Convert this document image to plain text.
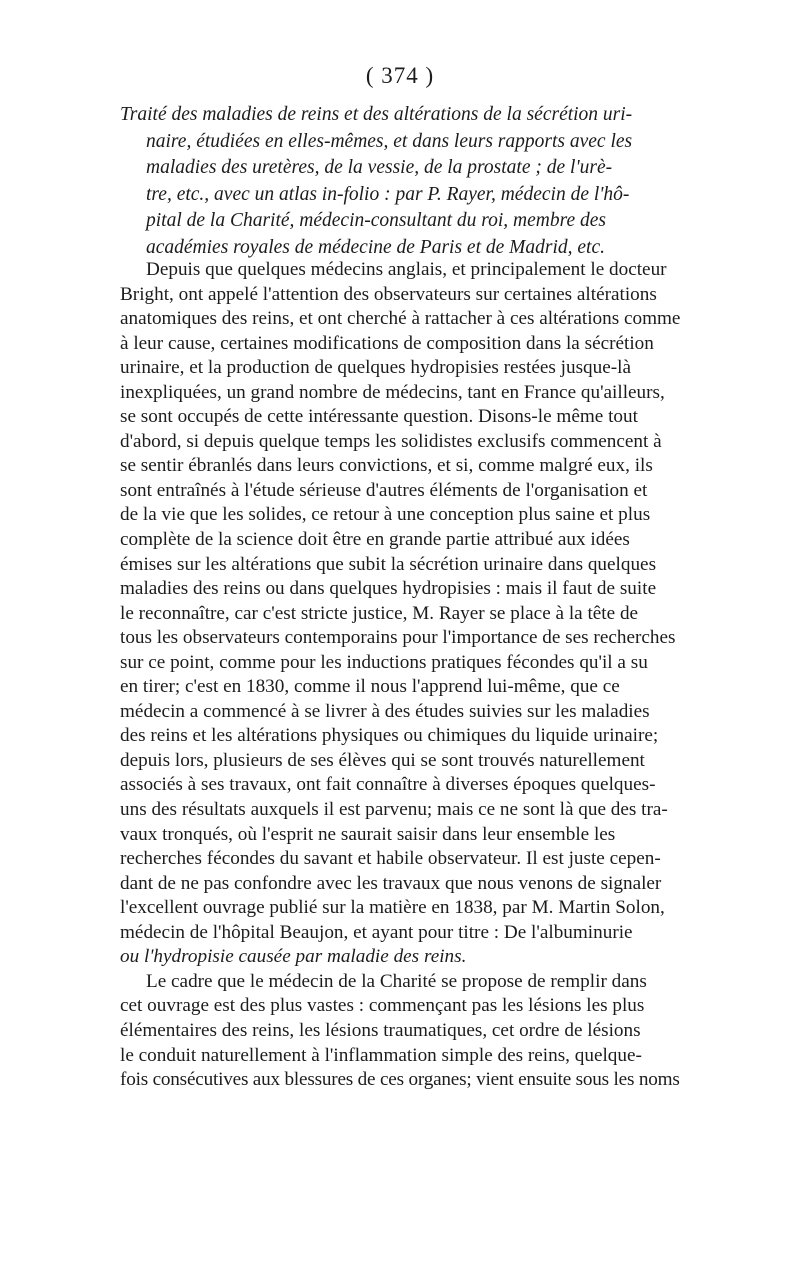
( 374 )
Traité des maladies de reins et des altérations de la sécrétion uri-
naire, étudiées en elles-mêmes, et dans leurs rapports avec les
maladies des uretères, de la vessie, de la prostate ; de l'urè-
tre, etc., avec un atlas in-folio : par P. Rayer, médecin de l'hô-
pital de la Charité, médecin-consultant du roi, membre des
académies royales de médecine de Paris et de Madrid, etc.
Depuis que quelques médecins anglais, et principalement le docteur
Bright, ont appelé l'attention des observateurs sur certaines altérations
anatomiques des reins, et ont cherché à rattacher à ces altérations comme
à leur cause, certaines modifications de composition dans la sécrétion
urinaire, et la production de quelques hydropisies restées jusque-là
inexpliquées, un grand nombre de médecins, tant en France qu'ailleurs,
se sont occupés de cette intéressante question. Disons-le même tout
d'abord, si depuis quelque temps les solidistes exclusifs commencent à
se sentir ébranlés dans leurs convictions, et si, comme malgré eux, ils
sont entraînés à l'étude sérieuse d'autres éléments de l'organisation et
de la vie que les solides, ce retour à une conception plus saine et plus
complète de la science doit être en grande partie attribué aux idées
émises sur les altérations que subit la sécrétion urinaire dans quelques
maladies des reins ou dans quelques hydropisies : mais il faut de suite
le reconnaître, car c'est stricte justice, M. Rayer se place à la tête de
tous les observateurs contemporains pour l'importance de ses recherches
sur ce point, comme pour les inductions pratiques fécondes qu'il a su
en tirer; c'est en 1830, comme il nous l'apprend lui-même, que ce
médecin a commencé à se livrer à des études suivies sur les maladies
des reins et les altérations physiques ou chimiques du liquide urinaire;
depuis lors, plusieurs de ses élèves qui se sont trouvés naturellement
associés à ses travaux, ont fait connaître à diverses époques quelques-
uns des résultats auxquels il est parvenu; mais ce ne sont là que des tra-
vaux tronqués, où l'esprit ne saurait saisir dans leur ensemble les
recherches fécondes du savant et habile observateur. Il est juste cepen-
dant de ne pas confondre avec les travaux que nous venons de signaler
l'excellent ouvrage publié sur la matière en 1838, par M. Martin Solon,
médecin de l'hôpital Beaujon, et ayant pour titre : De l'albuminurie
ou l'hydropisie causée par maladie des reins.
Le cadre que le médecin de la Charité se propose de remplir dans
cet ouvrage est des plus vastes : commençant pas les lésions les plus
élémentaires des reins, les lésions traumatiques, cet ordre de lésions
le conduit naturellement à l'inflammation simple des reins, quelque-
fois consécutives aux blessures de ces organes; vient ensuite sous les noms
